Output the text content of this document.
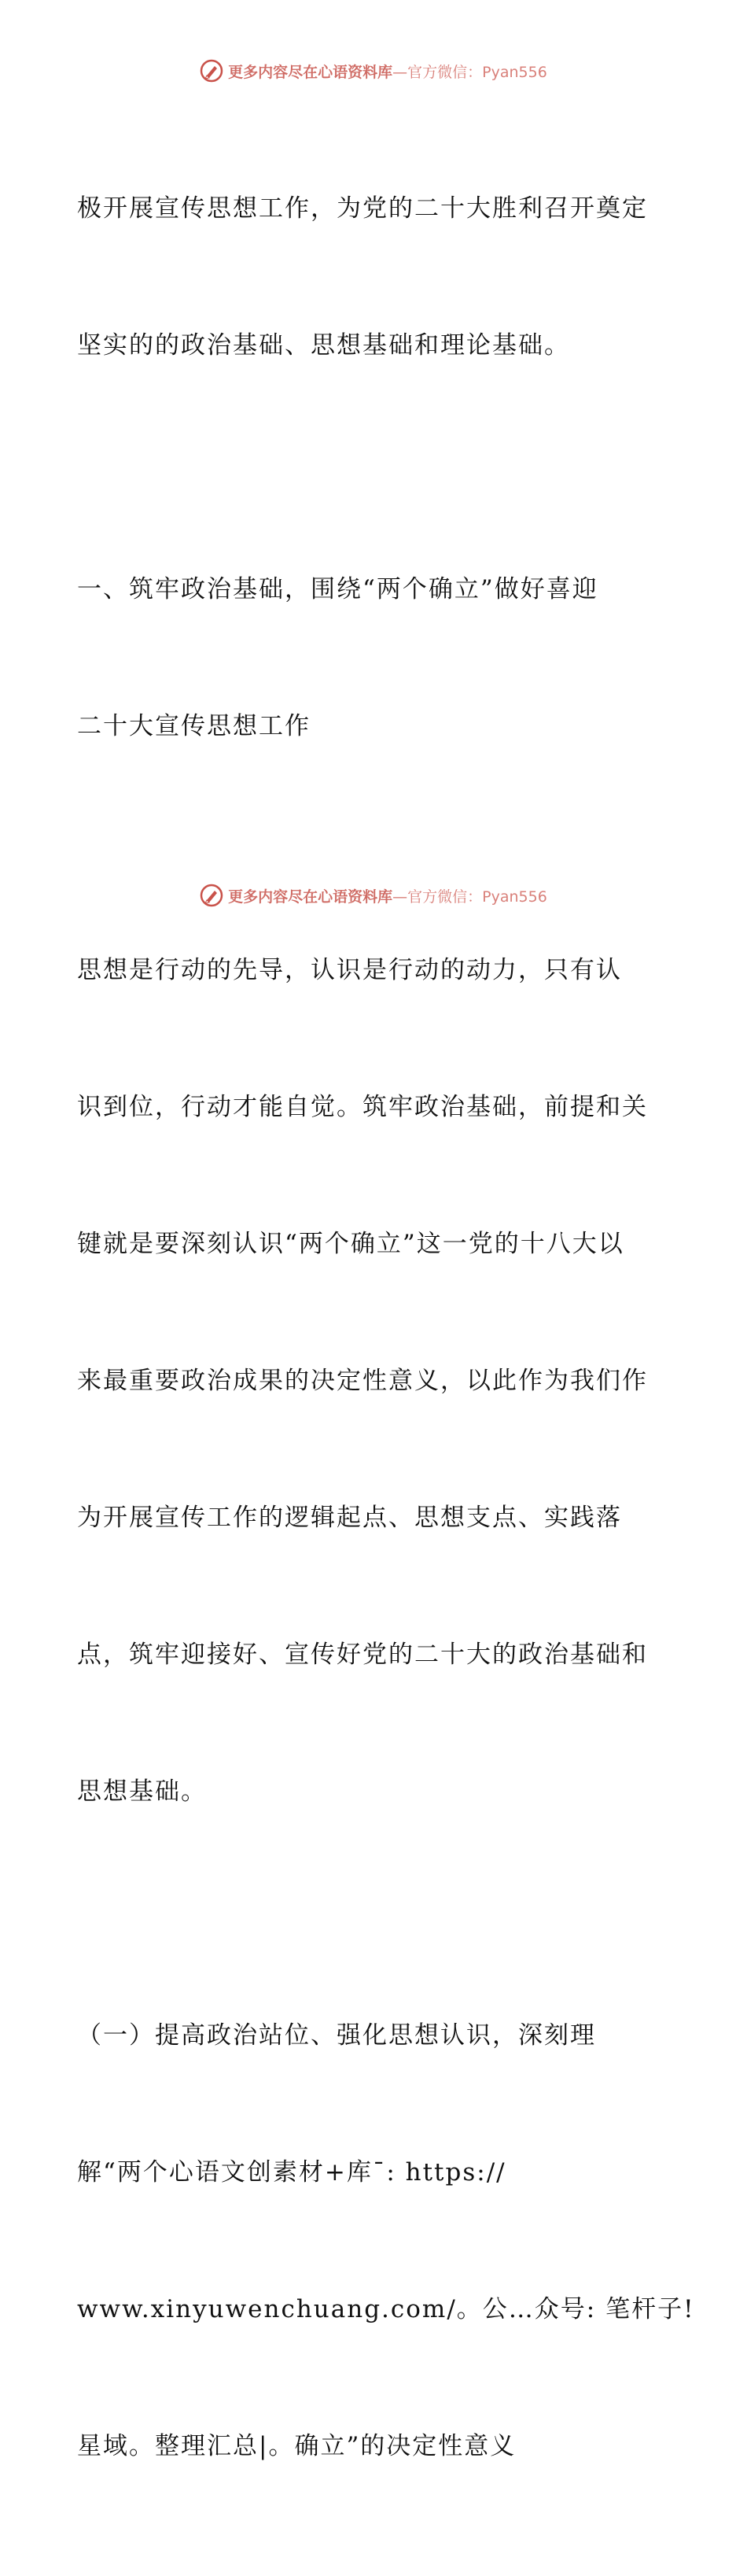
更多内容尽在心语资料库—官方微信：Pyan556

极开展宣传思想工作，为党的二十大胜利召开奠定

坚实的的政治基础、思想基础和理论基础。

一、筑牢政治基础，围绕“两个确立”做好喜迎

二十大宣传思想工作

思想是行动的先导，认识是行动的动力，只有认

识到位，行动才能自觉。筑牢政治基础，前提和关

键就是要深刻认识“两个确立”这一党的十八大以

来最重要政治成果的决定性意义，以此作为我们作

为开展宣传工作的逻辑起点、思想支点、实践落

点，筑牢迎接好、宣传好党的二十大的政治基础和

思想基础。

（一）提高政治站位、强化思想认识，深刻理

解“两个心语文创素材+库¯: https://

www.xinyuwenchuang.com/。公…众号: 笔杆子!

星域。整理汇总|。确立”的决定性意义

更多内容尽在心语资料库—官方微信：Pyan556
